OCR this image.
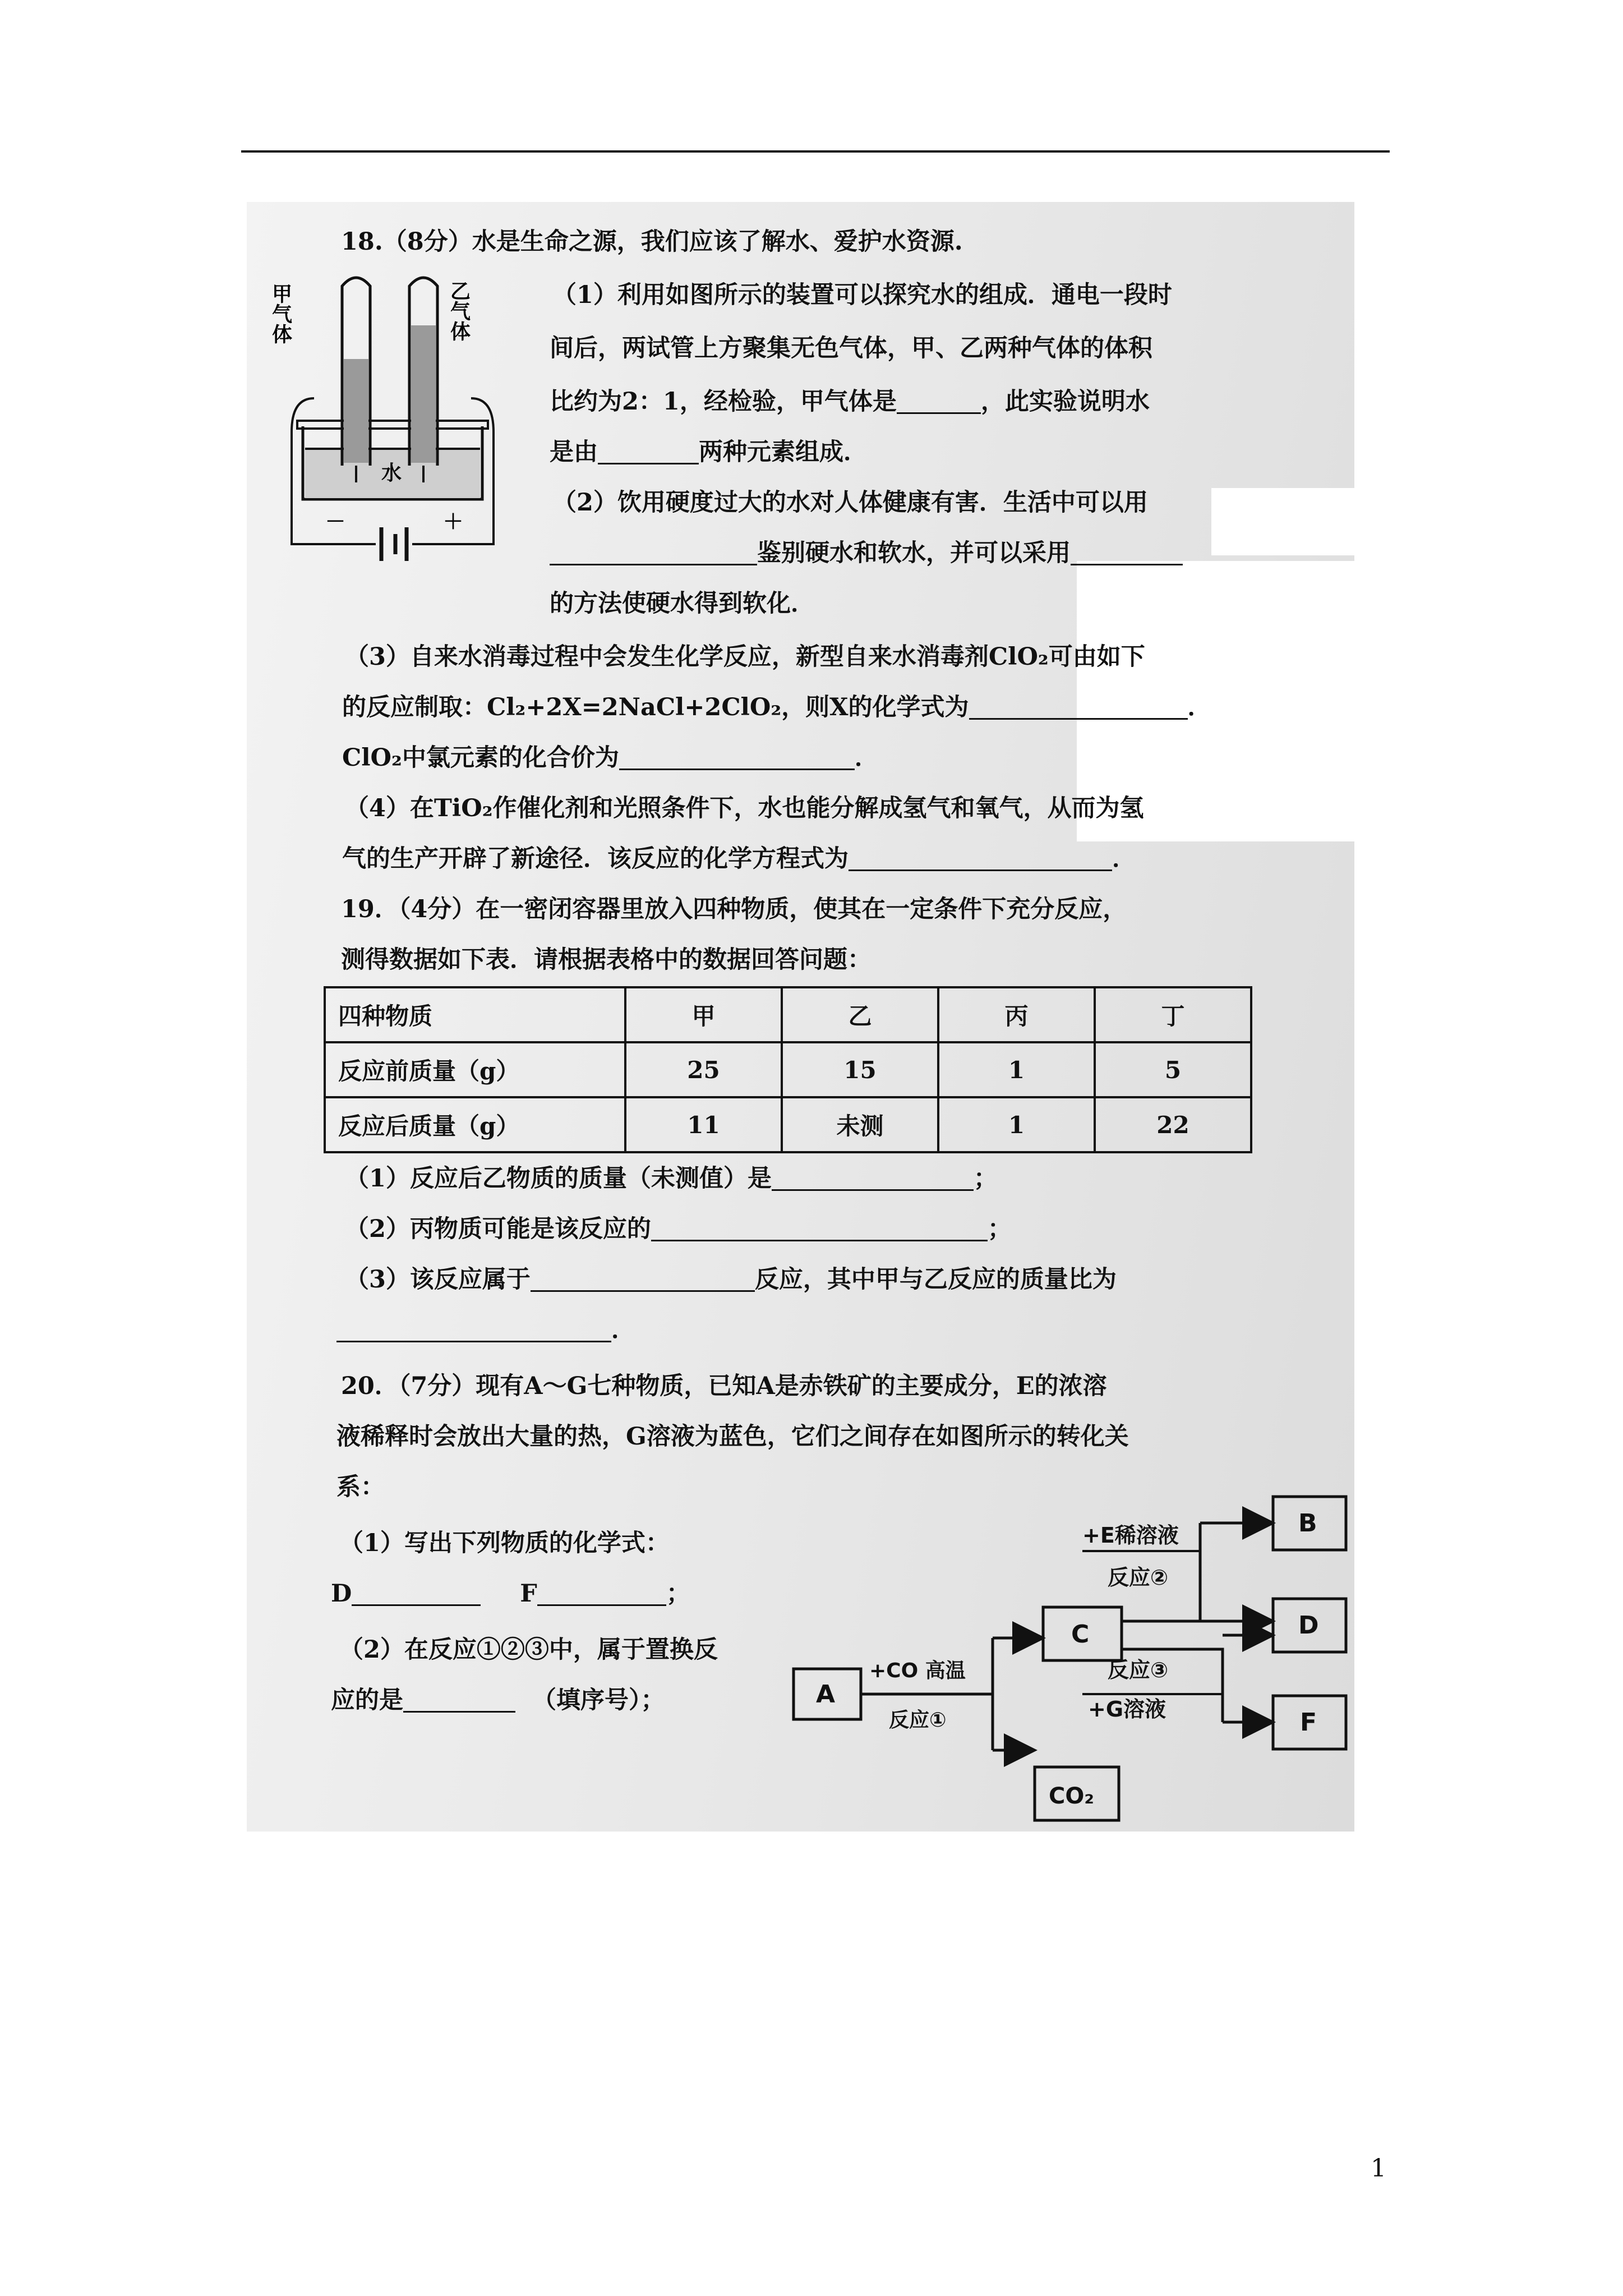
18.（8分）水是生命之源，我们应该了解水、爱护水资源.
甲气体	乙气体
水
－	＋
（1）利用如图所示的装置可以探究水的组成．通电一段时
间后，两试管上方聚集无色气体，甲、乙两种气体的体积
比约为2：1，经检验，甲气体是	，此实验说明水
是由	两种元素组成．
（2）饮用硬度过大的水对人体健康有害．生活中可以用
鉴别硬水和软水，并可以采用
的方法使硬水得到软化．
（3）自来水消毒过程中会发生化学反应，新型自来水消毒剂ClO₂可由如下
的反应制取：Cl₂+2X=2NaCl+2ClO₂，则X的化学式为	．
ClO₂中氯元素的化合价为	．
（4）在TiO₂作催化剂和光照条件下，水也能分解成氢气和氧气，从而为氢
气的生产开辟了新途径．该反应的化学方程式为	．
19．（4分）在一密闭容器里放入四种物质，使其在一定条件下充分反应，
测得数据如下表．请根据表格中的数据回答问题：
四种物质	甲	乙	丙	丁
反应前质量（g）	25	15	1	5
反应后质量（g）	11	未测	1	22
（1）反应后乙物质的质量（未测值）是	；
（2）丙物质可能是该反应的	；
（3）该反应属于	反应，其中甲与乙反应的质量比为
．
20．（7分）现有A～G七种物质，已知A是赤铁矿的主要成分，E的浓溶
液稀释时会放出大量的热，G溶液为蓝色，它们之间存在如图所示的转化关
系：
（1）写出下列物质的化学式：
D	F	；
（2）在反应①②③中，属于置换反
应的是	（填序号）；	A
C
CO₂
B
D
F
+CO 高温
反应①
+E稀溶液
反应②
反应③
+G溶液
1
